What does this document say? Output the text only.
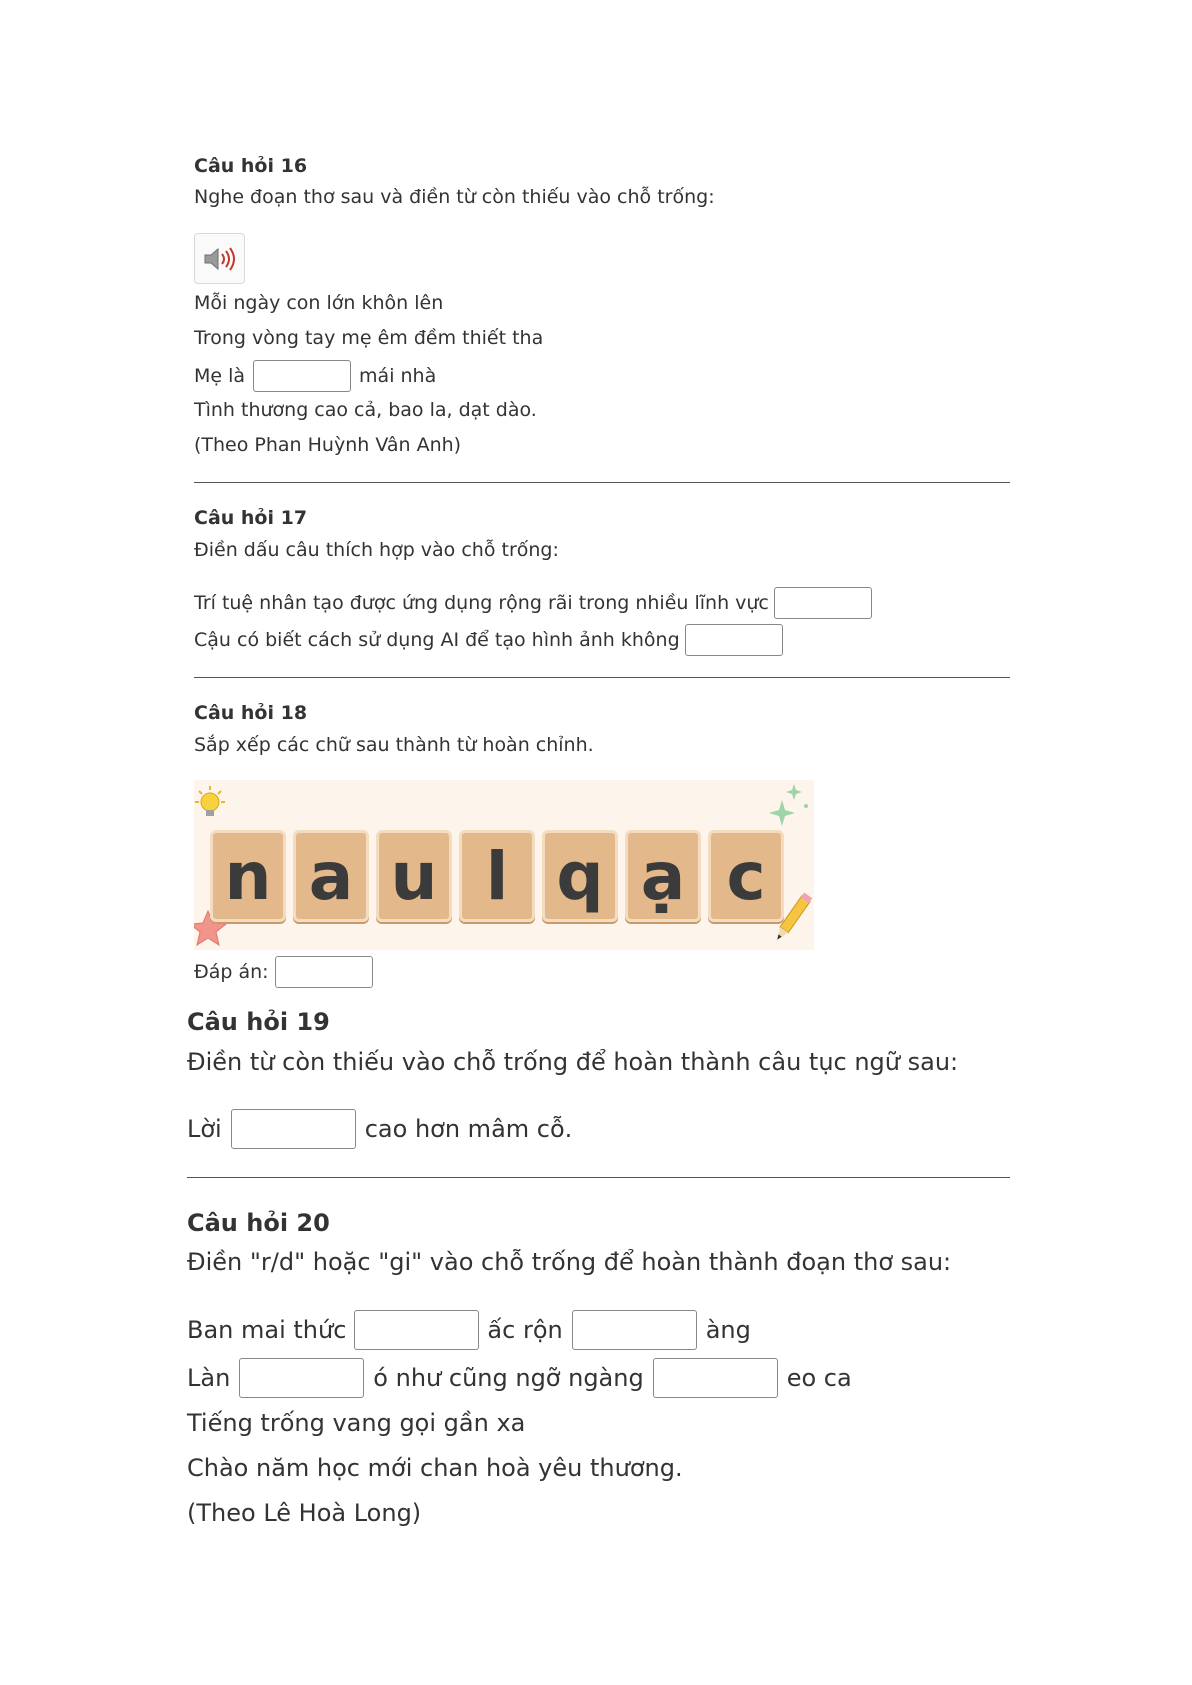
Câu hỏi 16
Nghe đoạn thơ sau và điền từ còn thiếu vào chỗ trống:
Mỗi ngày con lớn khôn lên
Trong vòng tay mẹ êm đềm thiết tha
Mẹ là	mái nhà
Tình thương cao cả, bao la, dạt dào.
(Theo Phan Huỳnh Vân Anh)
Câu hỏi 17
Điền dấu câu thích hợp vào chỗ trống:
Trí tuệ nhân tạo được ứng dụng rộng rãi trong nhiều lĩnh vực
Cậu có biết cách sử dụng AI để tạo hình ảnh không
Câu hỏi 18
Sắp xếp các chữ sau thành từ hoàn chỉnh.
n a u l q ạ c
Đáp án:
Câu hỏi 19
Điền từ còn thiếu vào chỗ trống để hoàn thành câu tục ngữ sau:
Lời	cao hơn mâm cỗ.
Câu hỏi 20
Điền "r/d" hoặc "gi" vào chỗ trống để hoàn thành đoạn thơ sau:
Ban mai thức	ấc rộn	àng
Làn	ó như cũng ngỡ ngàng	eo ca
Tiếng trống vang gọi gần xa
Chào năm học mới chan hoà yêu thương.
(Theo Lê Hoà Long)
